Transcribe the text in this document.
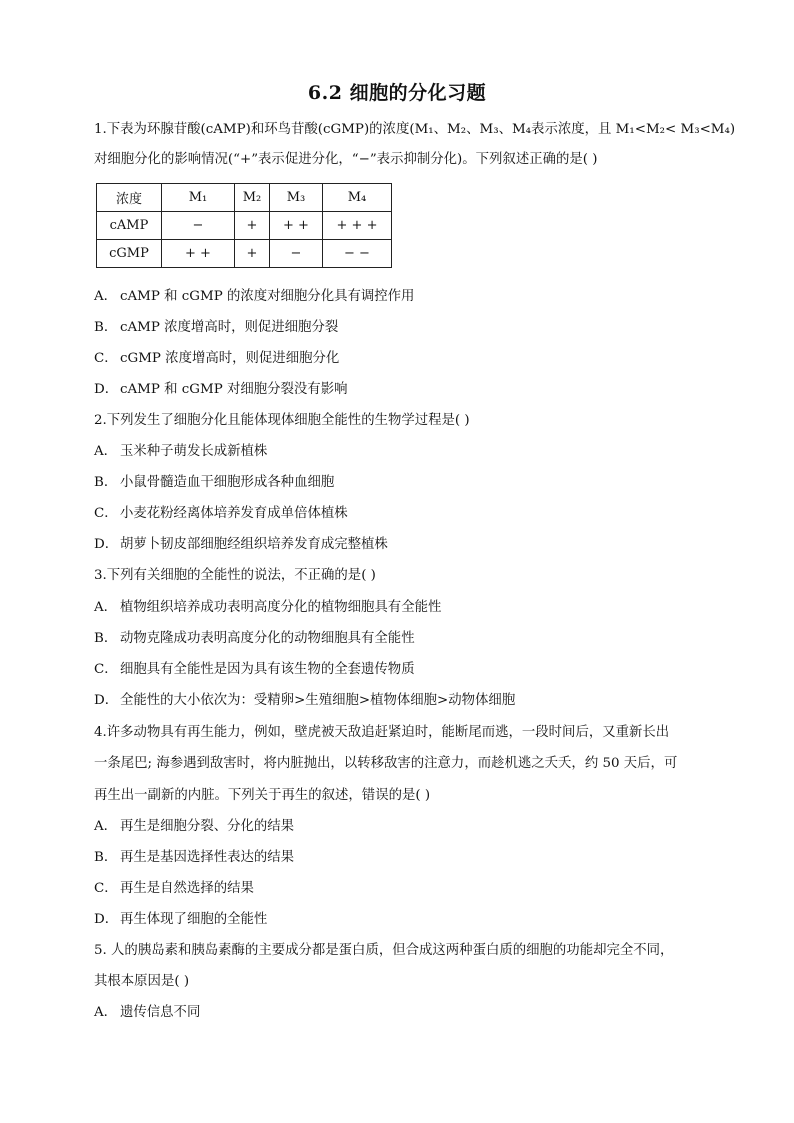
6.2 细胞的分化习题
1.下表为环腺苷酸(cAMP)和环鸟苷酸(cGMP)的浓度(M₁、M₂、M₃、M₄表示浓度，且 M₁<M₂< M₃<M₄)
对细胞分化的影响情况(“+”表示促进分化，“−”表示抑制分化)。下列叙述正确的是( )
浓度	M₁	M₂	M₃	M₄
cAMP	−	+	+ +	+ + +
cGMP	+ +	+	−	− −
A． cAMP 和 cGMP 的浓度对细胞分化具有调控作用
B． cAMP 浓度增高时，则促进细胞分裂
C． cGMP 浓度增高时，则促进细胞分化
D． cAMP 和 cGMP 对细胞分裂没有影响
2.下列发生了细胞分化且能体现体细胞全能性的生物学过程是( )
A． 玉米种子萌发长成新植株
B． 小鼠骨髓造血干细胞形成各种血细胞
C． 小麦花粉经离体培养发育成单倍体植株
D． 胡萝卜韧皮部细胞经组织培养发育成完整植株
3.下列有关细胞的全能性的说法，不正确的是( )
A． 植物组织培养成功表明高度分化的植物细胞具有全能性
B． 动物克隆成功表明高度分化的动物细胞具有全能性
C． 细胞具有全能性是因为具有该生物的全套遗传物质
D． 全能性的大小依次为：受精卵>生殖细胞>植物体细胞>动物体细胞
4.许多动物具有再生能力，例如，壁虎被天敌追赶紧迫时，能断尾而逃，一段时间后，又重新长出
一条尾巴; 海参遇到敌害时，将内脏抛出，以转移敌害的注意力，而趁机逃之夭夭，约 50 天后，可
再生出一副新的内脏。下列关于再生的叙述，错误的是( )
A． 再生是细胞分裂、分化的结果
B． 再生是基因选择性表达的结果
C． 再生是自然选择的结果
D． 再生体现了细胞的全能性
5. 人的胰岛素和胰岛素酶的主要成分都是蛋白质，但合成这两种蛋白质的细胞的功能却完全不同，
其根本原因是( )
A． 遗传信息不同
